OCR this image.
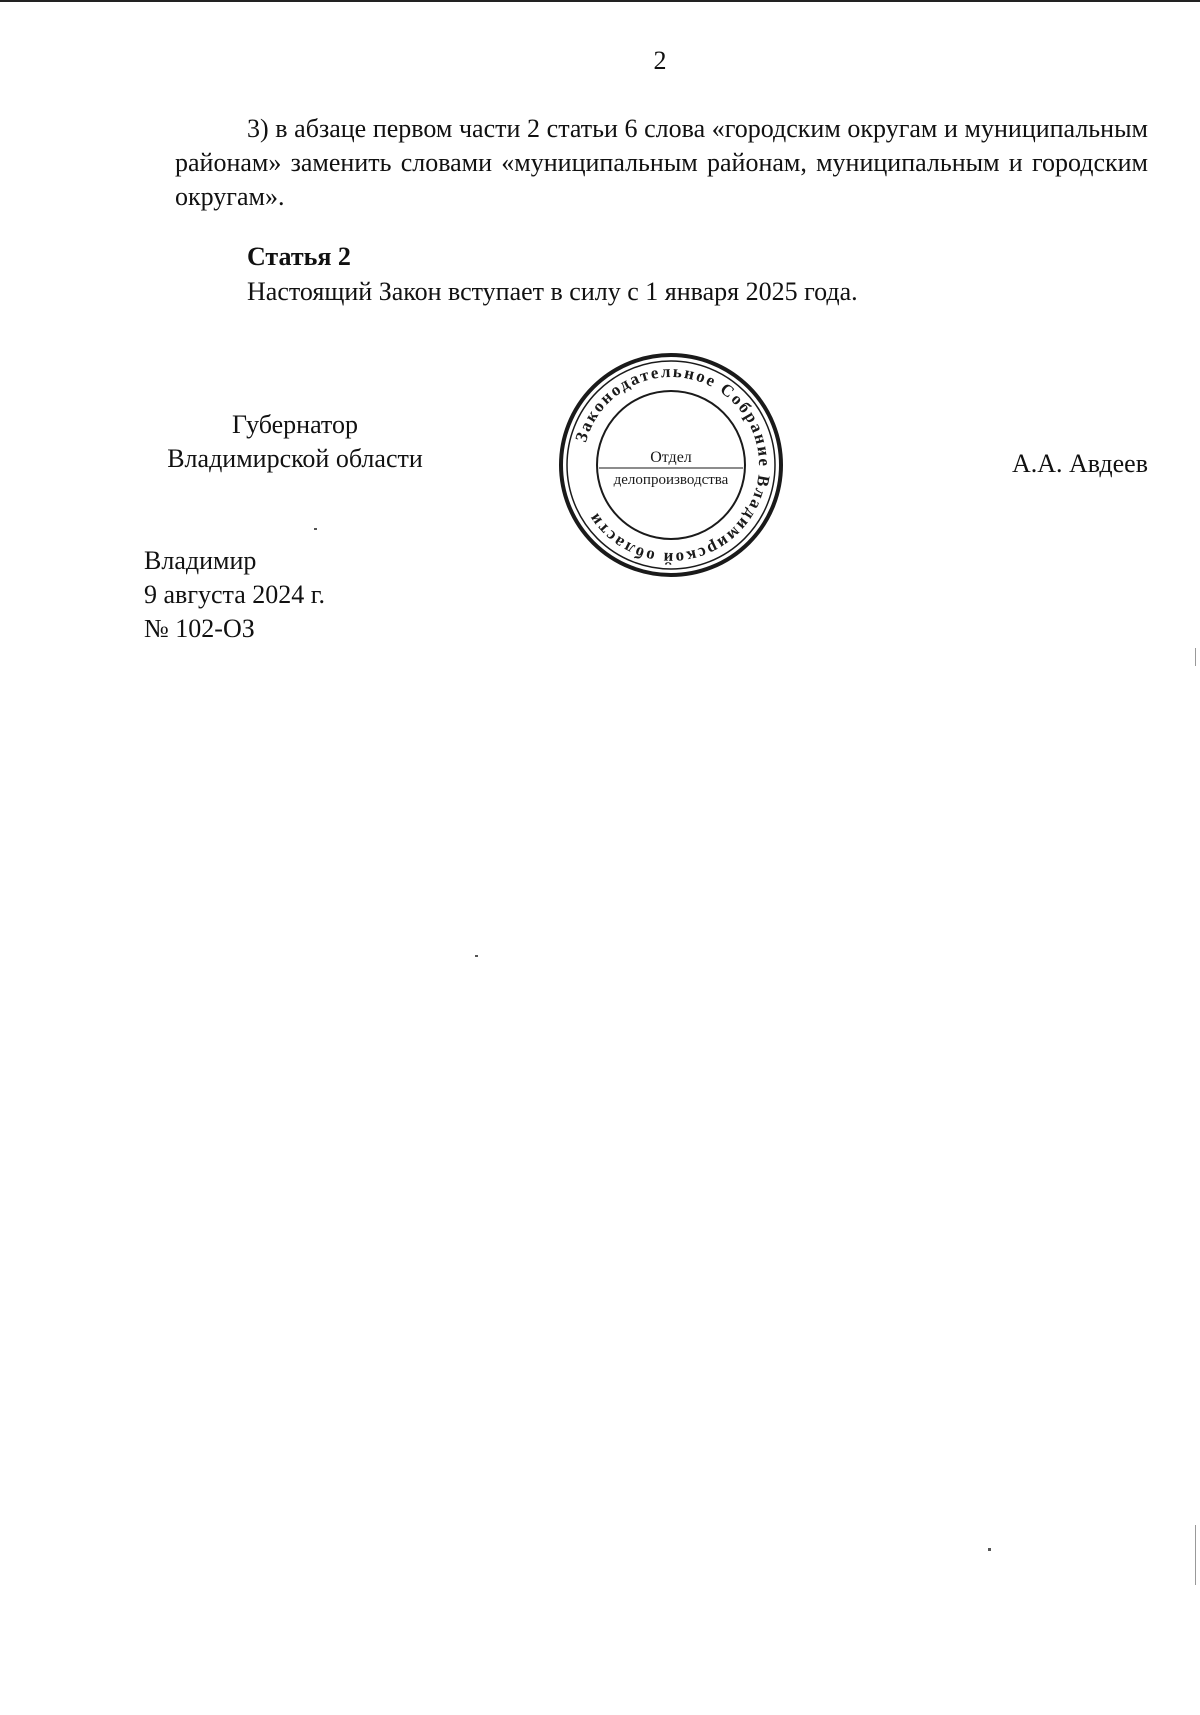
2
3) в абзаце первом части 2 статьи 6 слова «городским округам и муниципальным районам» заменить словами «муниципальным районам, муниципальным и городским округам».
Статья 2
Настоящий Закон вступает в силу с 1 января 2025 года.
Губернатор
Владимирской области	А.А. Авдеев
Владимир
9 августа 2024 г.
№ 102-ОЗ
Законодательное Собрание Владимирской области
Отдел
делопроизводства
